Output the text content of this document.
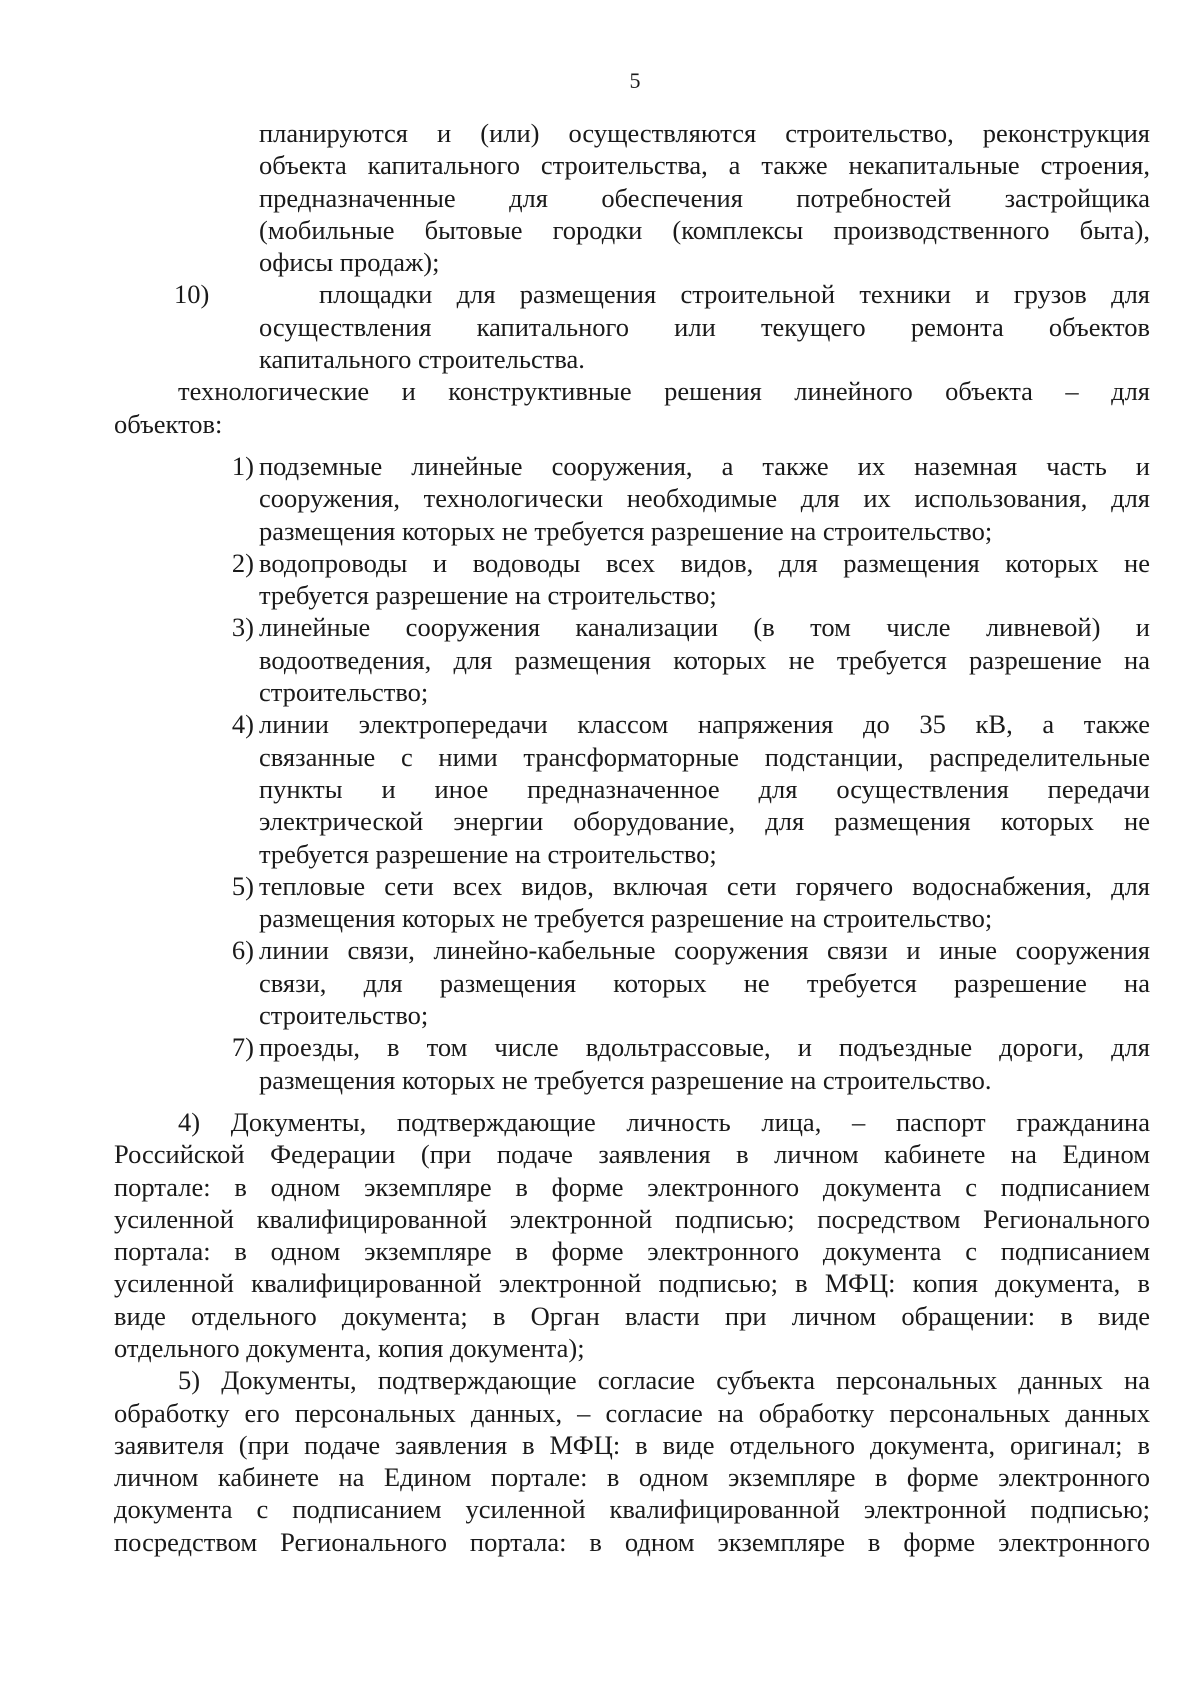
5
планируются и (или) осуществляются строительство, реконструкция
объекта капитального строительства, а также некапитальные строения,
предназначенные для обеспечения потребностей застройщика
(мобильные бытовые городки (комплексы производственного быта),
офисы продаж);
10)	площадки для размещения строительной техники и грузов для
осуществления капитального или текущего ремонта объектов
капитального строительства.
технологические и конструктивные решения линейного объекта – для
объектов:
1) подземные линейные сооружения, а также их наземная часть и
сооружения, технологически необходимые для их использования, для
размещения которых не требуется разрешение на строительство;
2) водопроводы и водоводы всех видов, для размещения которых не
требуется разрешение на строительство;
3) линейные сооружения канализации (в том числе ливневой) и
водоотведения, для размещения которых не требуется разрешение на
строительство;
4) линии электропередачи классом напряжения до 35 кВ, а также
связанные с ними трансформаторные подстанции, распределительные
пункты и иное предназначенное для осуществления передачи
электрической энергии оборудование, для размещения которых не
требуется разрешение на строительство;
5) тепловые сети всех видов, включая сети горячего водоснабжения, для
размещения которых не требуется разрешение на строительство;
6) линии связи, линейно-кабельные сооружения связи и иные сооружения
связи, для размещения которых не требуется разрешение на
строительство;
7) проезды, в том числе вдольтрассовые, и подъездные дороги, для
размещения которых не требуется разрешение на строительство.
4) Документы, подтверждающие личность лица, – паспорт гражданина
Российской Федерации (при подаче заявления в личном кабинете на Едином
портале: в одном экземпляре в форме электронного документа с подписанием
усиленной квалифицированной электронной подписью; посредством Регионального
портала: в одном экземпляре в форме электронного документа с подписанием
усиленной квалифицированной электронной подписью; в МФЦ: копия документа, в
виде отдельного документа; в Орган власти при личном обращении: в виде
отдельного документа, копия документа);
5) Документы, подтверждающие согласие субъекта персональных данных на
обработку его персональных данных, – согласие на обработку персональных данных
заявителя (при подаче заявления в МФЦ: в виде отдельного документа, оригинал; в
личном кабинете на Едином портале: в одном экземпляре в форме электронного
документа с подписанием усиленной квалифицированной электронной подписью;
посредством Регионального портала: в одном экземпляре в форме электронного
